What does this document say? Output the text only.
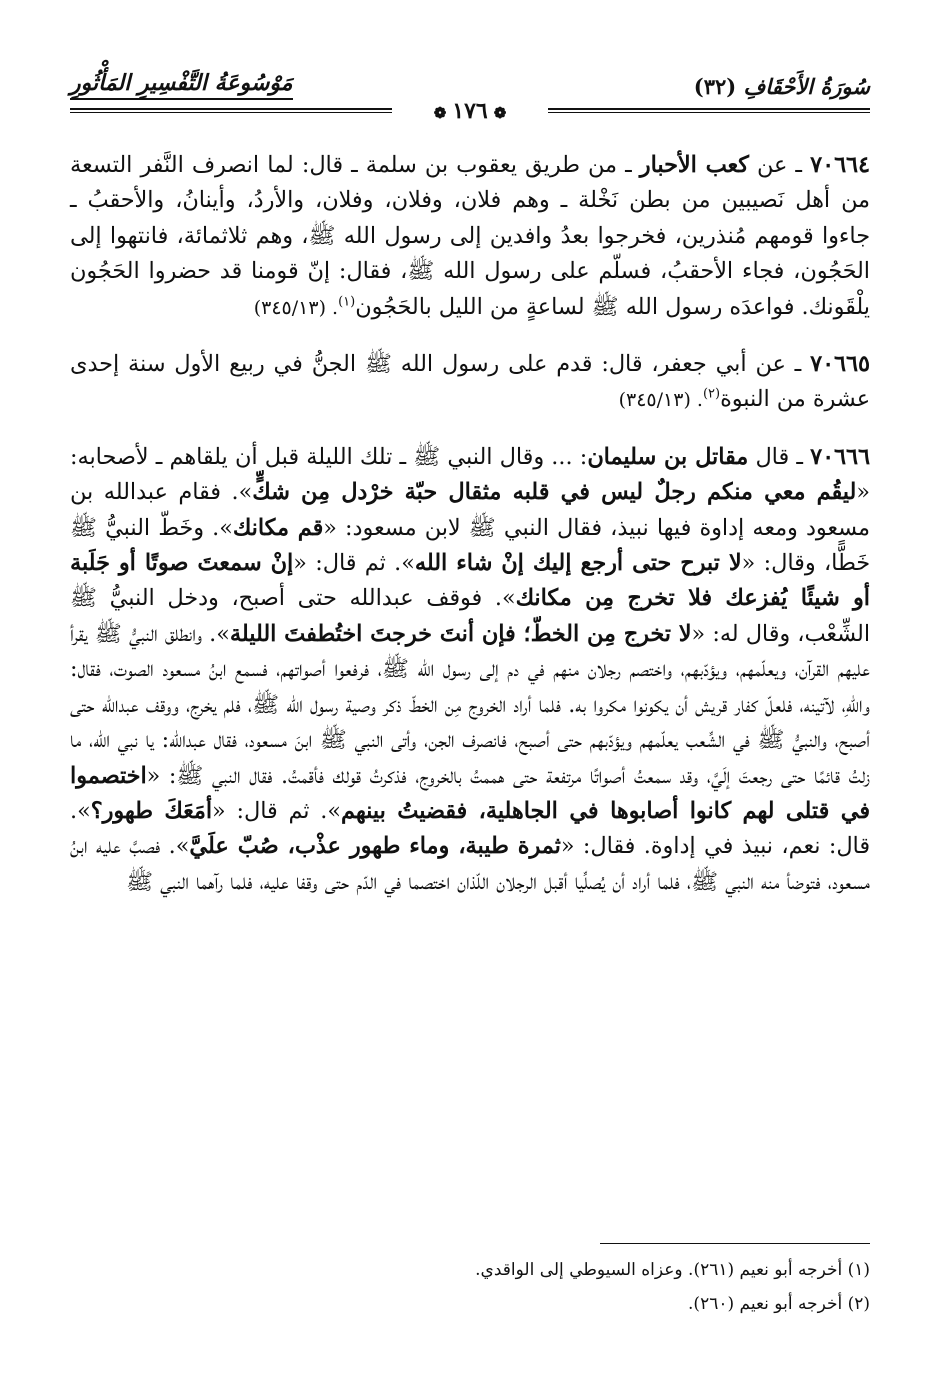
سُورَةُ الأَحْقَافِ (٣٢)
مَوْسُوعَةُ التَّفْسِيرِ المَأْثُورِ
❁١٧٦❁

٧٠٦٦٤ ـ عن كعب الأحبار ـ من طريق يعقوب بن سلمة ـ قال: لما انصرف النَّفر التسعة من أهل نَصيبين من بطن نَخْلة ـ وهم فلان، وفلان، وفلان، والأردُ، وأينانُ، والأحقبُ ـ جاءوا قومهم مُنذرين، فخرجوا بعدُ وافدين إلى رسول الله ﷺ، وهم ثلاثمائة، فانتهوا إلى الحَجُون، فجاء الأحقبُ، فسلّم على رسول الله ﷺ، فقال: إنّ قومنا قد حضروا الحَجُون يلْقَونك. فواعدَه رسول الله ﷺ لساعةٍ من الليل بالحَجُون$^{(١)}$. (٣٤٥/١٣)

٧٠٦٦٥ ـ عن أبي جعفر، قال: قدم على رسول الله ﷺ الجنُّ في ربيع الأول سنة إحدى عشرة من النبوة$^{(٢)}$. (٣٤٥/١٣)

٧٠٦٦٦ ـ قال مقاتل بن سليمان: ... وقال النبي ﷺ ـ تلك الليلة قبل أن يلقاهم ـ لأصحابه: «ليقُم معي منكم رجلٌ ليس في قلبه مثقال حبّة خرْدل مِن شكٍّ». فقام عبدالله بن مسعود ومعه إداوة فيها نبيذ، فقال النبي ﷺ لابن مسعود: «قم مكانك». وخَطّ النبيُّ ﷺ خَطًّا، وقال: «لا تبرح حتى أرجع إليك إنْ شاء الله». ثم قال: «إنْ سمعتَ صوتًا أو جَلَبة أو شيئًا يُفزعك فلا تخرج مِن مكانك». فوقف عبدالله حتى أصبح، ودخل النبيُّ ﷺ الشِّعْب، وقال له: «لا تخرج مِن الخطّ؛ فإن أنتَ خرجتَ اختُطفتَ الليلة». وانطلق النبيُّ ﷺ يقرأ عليهم القرآن، ويعلّمهم، ويؤدّبهم، واختصم رجلان منهم في دم إلى رسول الله ﷺ، فرفعوا أصواتهم، فسمع ابنُ مسعود الصوت، فقال: واللهِ، لآتينه، فلعلّ كفار قريش أن يكونوا مكروا به. فلما أراد الخروج مِن الخطّ ذكر وصية رسول الله ﷺ، فلم يخرج، ووقف عبدالله حتى أصبح، والنبيُّ ﷺ في الشِّعب يعلّمهم ويؤدّبهم حتى أصبح، فانصرف الجن، وأتى النبي ﷺ ابنَ مسعود، فقال عبدالله: يا نبي الله، ما زلتُ قائمًا حتى رجعتَ إلَيَّ، وقد سمعتُ أصواتًا مرتفعة حتى هممتُ بالخروج، فذكرتُ قولك فأقمتُ. فقال النبي ﷺ: «اختصموا في قتلى لهم كانوا أصابوها في الجاهلية، فقضيتُ بينهم». ثم قال: «أمَعَكَ طهور؟». قال: نعم، نبيذ في إداوة. فقال: «ثمرة طيبة، وماء طهور عذْب، صُبّ علَيَّ». فصبَّ عليه ابنُ مسعود، فتوضأ منه النبي ﷺ، فلما أراد أن يُصلِّيا أقبل الرجلان اللّذان اختصما في الدّم حتى وقفا عليه، فلما رآهما النبي ﷺ

(١) أخرجه أبو نعيم (٢٦١). وعزاه السيوطي إلى الواقدي.

(٢) أخرجه أبو نعيم (٢٦٠).
